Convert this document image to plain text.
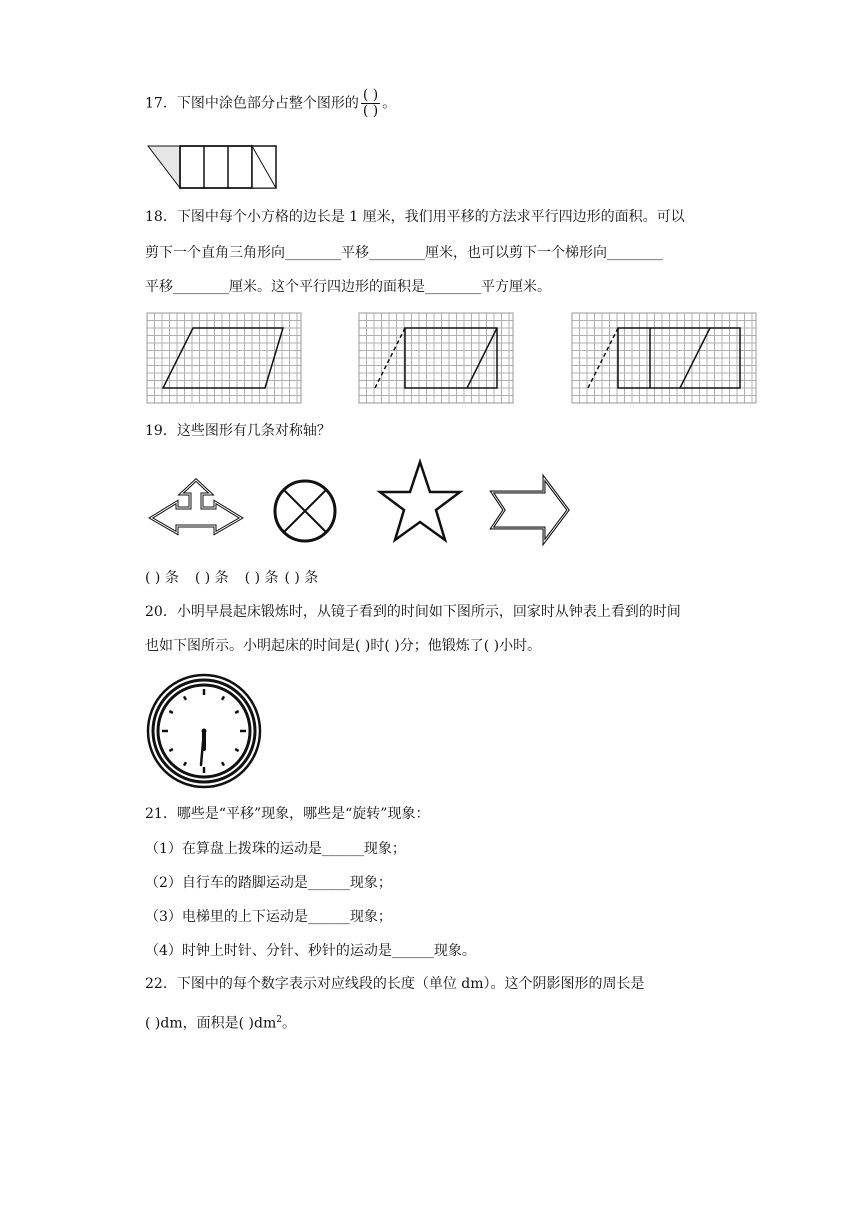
17．下图中涂色部分占整个图形的 $\frac{( )}{( )}$ 。
18．下图中每个小方格的边长是 1 厘米，我们用平移的方法求平行四边形的面积。可以
剪下一个直角三角形向________平移________厘米，也可以剪下一个梯形向________
平移________厘米。这个平行四边形的面积是________平方厘米。
19．这些图形有几条对称轴？
( ) 条 ( ) 条 ( ) 条 ( ) 条
20．小明早晨起床锻炼时，从镜子看到的时间如下图所示，回家时从钟表上看到的时间
也如下图所示。小明起床的时间是( )时( )分；他锻炼了( )小时。
21．哪些是“平移”现象，哪些是“旋转”现象：
（1）在算盘上拨珠的运动是______现象；
（2）自行车的踏脚运动是______现象；
（3）电梯里的上下运动是______现象；
（4）时钟上时针、分针、秒针的运动是______现象。
22．下图中的每个数字表示对应线段的长度（单位 dm）。这个阴影图形的周长是
( )dm，面积是( )$dm^2$。
